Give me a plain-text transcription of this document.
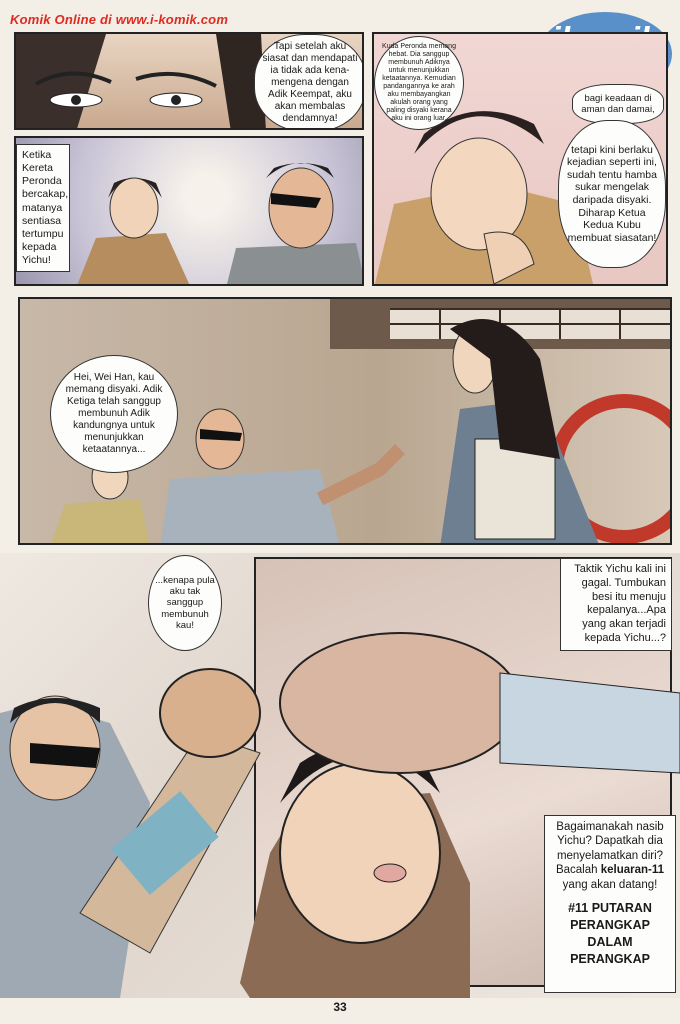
Komik Online di www.i-komik.com
Tapi setelah aku siasat dan mendapati ia tidak ada kena-mengena dengan Adik Keempat, aku akan membalas dendamnya!
Ketika Kereta Peronda bercakap, matanya sentiasa tertumpu kepada Yichu!
Kuda Peronda memang hebat. Dia sanggup membunuh Adiknya untuk menunjukkan ketaatannya. Kemudian pandangannya ke arah aku membayangkan akulah orang yang paling disyaki kerana aku ini orang luar.
bagi keadaan di aman dan damai,
tetapi kini berlaku kejadian seperti ini, sudah tentu hamba sukar mengelak daripada disyaki. Diharap Ketua Kedua Kubu membuat siasatan!
Hei, Wei Han, kau memang disyaki. Adik Ketiga telah sanggup membunuh Adik kandungnya untuk menunjukkan ketaatannya...
...kenapa pula aku tak sanggup membunuh kau!
Taktik Yichu kali ini gagal. Tumbukan besi itu menuju kepalanya...Apa yang akan terjadi kepada Yichu...?
Bagaimanakah nasib Yichu? Dapatkah dia menyelamatkan diri? Bacalah keluaran-11 yang akan datang!
#11 PUTARAN PERANGKAP DALAM PERANGKAP
33
